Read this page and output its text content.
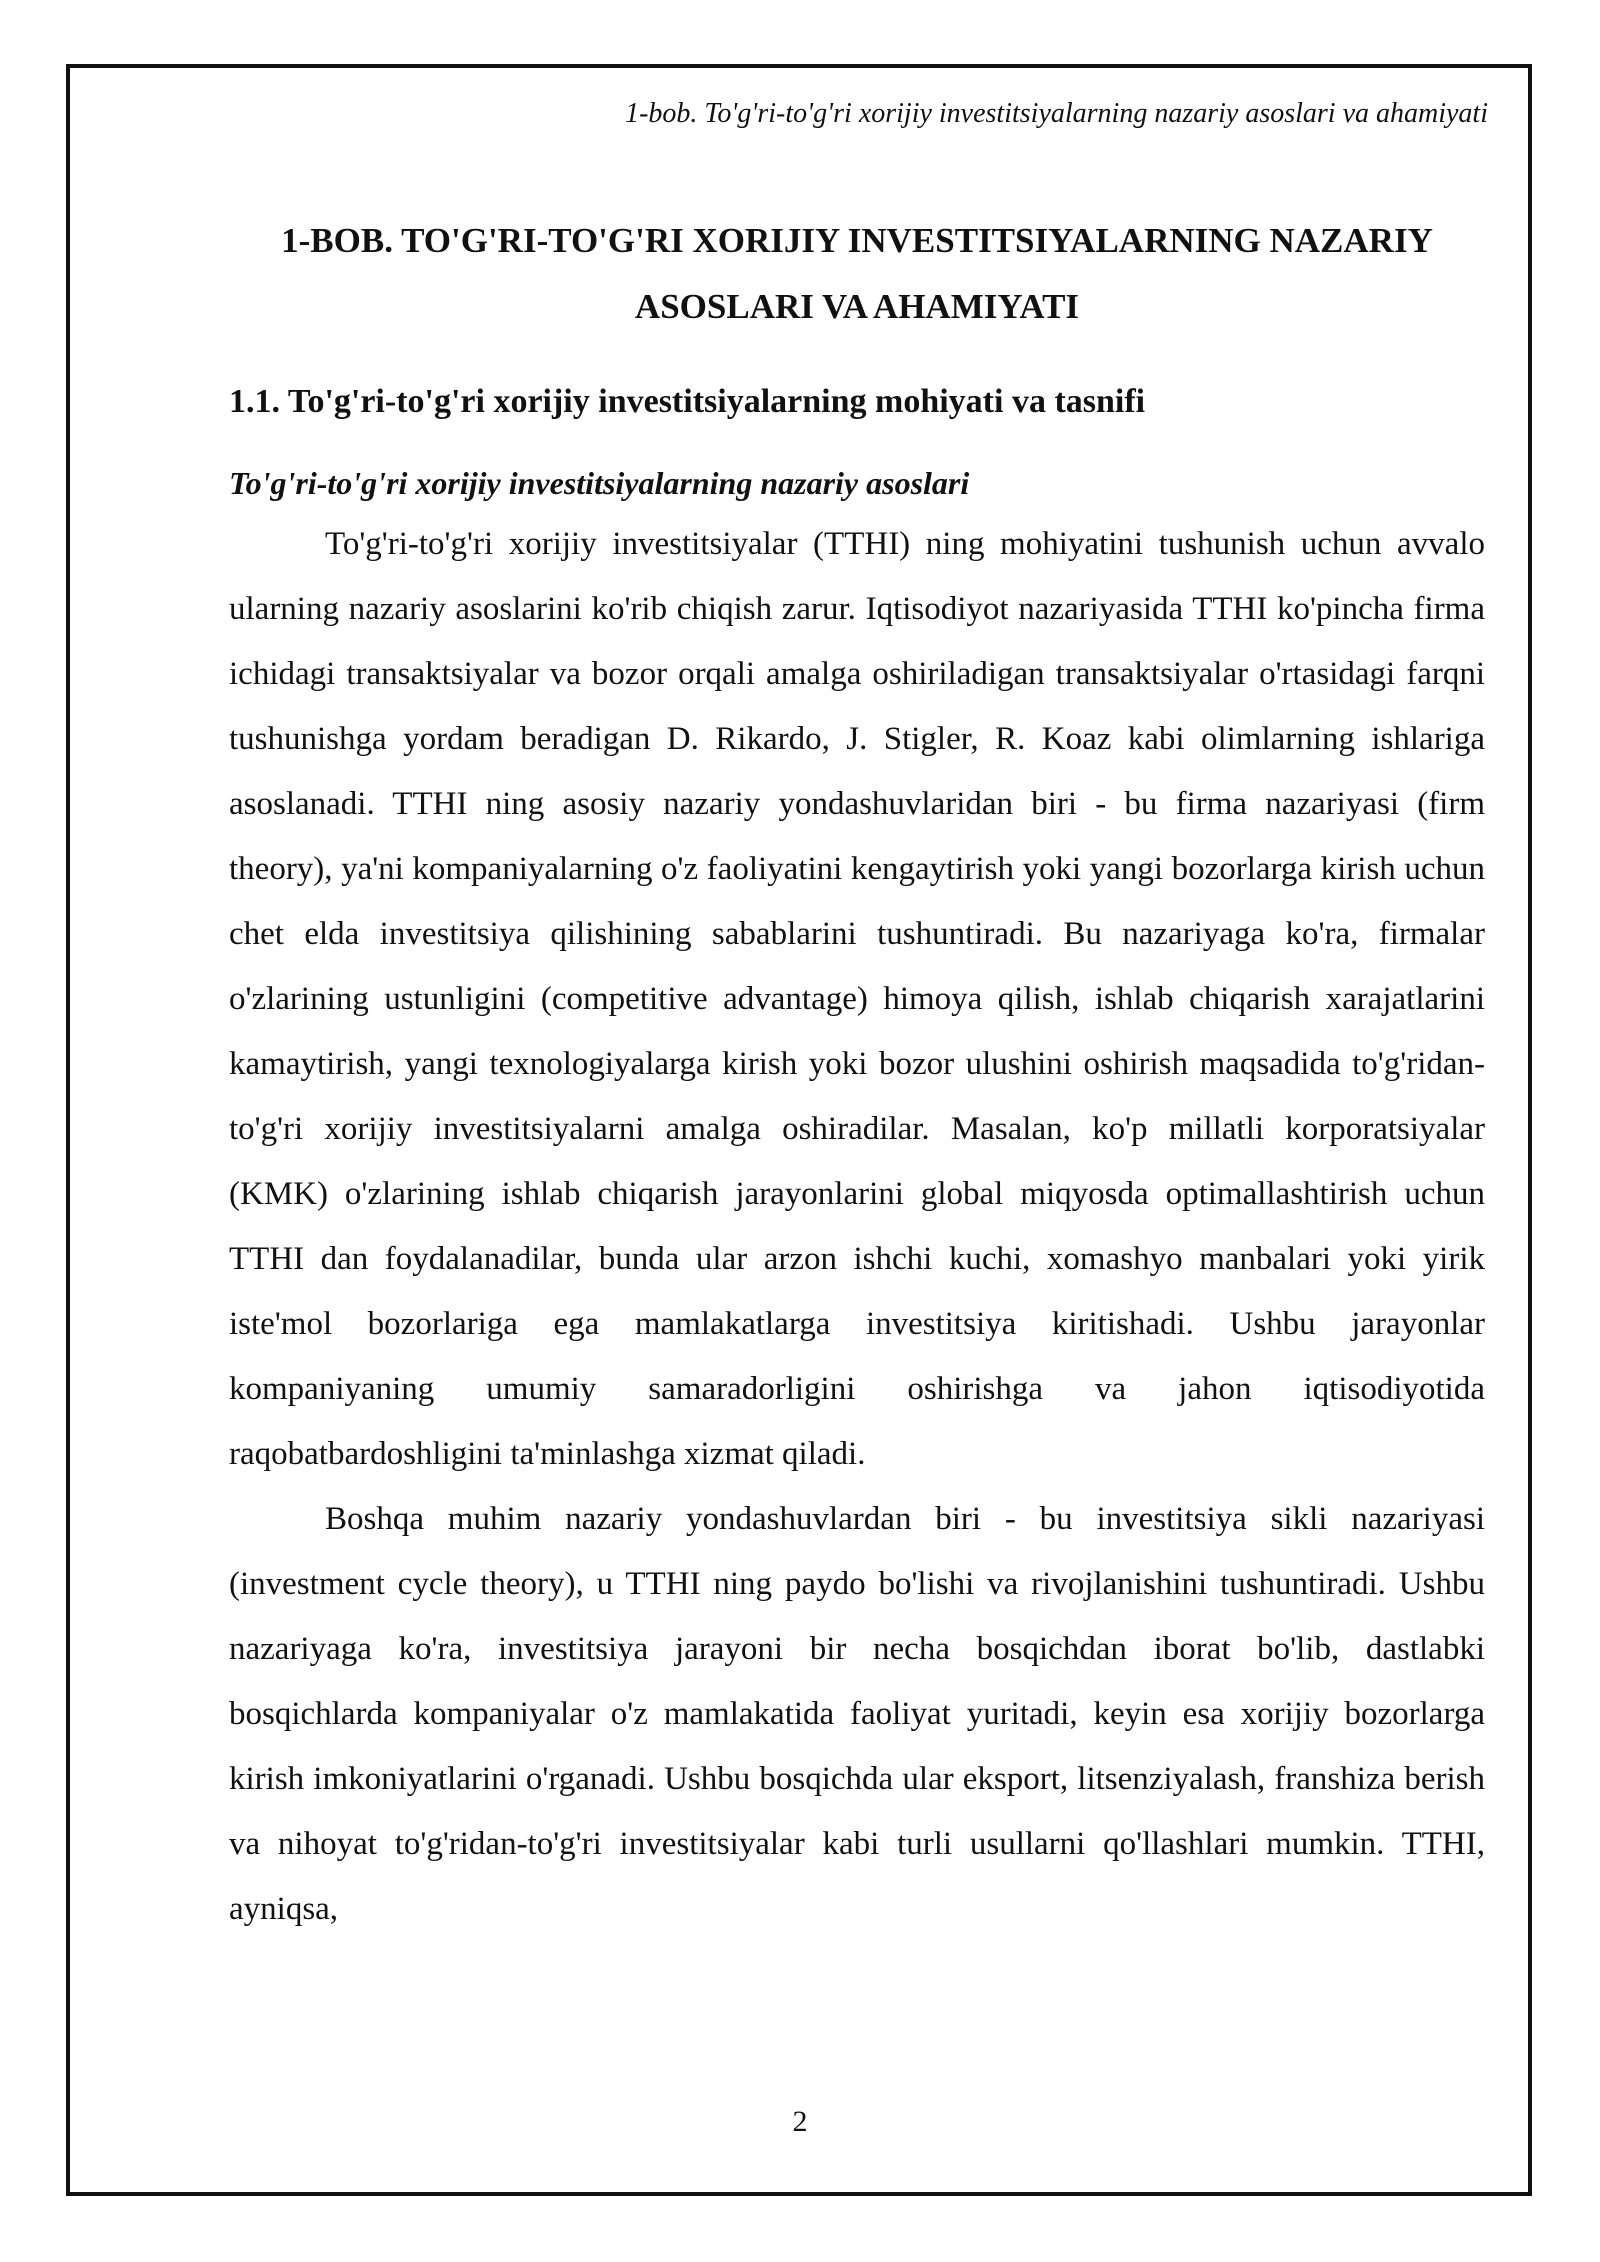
1-bob. To'g'ri-to'g'ri xorijiy investitsiyalarning nazariy asoslari va ahamiyati
1-BOB. TO'G'RI-TO'G'RI XORIJIY INVESTITSIYALARNING NAZARIY ASOSLARI VA AHAMIYATI
1.1. To'g'ri-to'g'ri xorijiy investitsiyalarning mohiyati va tasnifi
To'g'ri-to'g'ri xorijiy investitsiyalarning nazariy asoslari

To'g'ri-to'g'ri xorijiy investitsiyalar (TTHI) ning mohiyatini tushunish uchun avvalo ularning nazariy asoslarini ko'rib chiqish zarur. Iqtisodiyot nazariyasida TTHI ko'pincha firma ichidagi transaktsiyalar va bozor orqali amalga oshiriladigan transaktsiyalar o'rtasidagi farqni tushunishga yordam beradigan D. Rikardo, J. Stigler, R. Koaz kabi olimlarning ishlariga asoslanadi. TTHI ning asosiy nazariy yondashuvlaridan biri - bu firma nazariyasi (firm theory), ya'ni kompaniyalarning o'z faoliyatini kengaytirish yoki yangi bozorlarga kirish uchun chet elda investitsiya qilishining sabablarini tushuntiradi. Bu nazariyaga ko'ra, firmalar o'zlarining ustunligini (competitive advantage) himoya qilish, ishlab chiqarish xarajatlarini kamaytirish, yangi texnologiyalarga kirish yoki bozor ulushini oshirish maqsadida to'g'ridan-to'g'ri xorijiy investitsiyalarni amalga oshiradilar. Masalan, ko'p millatli korporatsiyalar (KMK) o'zlarining ishlab chiqarish jarayonlarini global miqyosda optimallashtirish uchun TTHI dan foydalanadilar, bunda ular arzon ishchi kuchi, xomashyo manbalari yoki yirik iste'mol bozorlariga ega mamlakatlarga investitsiya kiritishadi. Ushbu jarayonlar kompaniyaning umumiy samaradorligini oshirishga va jahon iqtisodiyotida raqobatbardoshligini ta'minlashga xizmat qiladi.

Boshqa muhim nazariy yondashuvlardan biri - bu investitsiya sikli nazariyasi (investment cycle theory), u TTHI ning paydo bo'lishi va rivojlanishini tushuntiradi. Ushbu nazariyaga ko'ra, investitsiya jarayoni bir necha bosqichdan iborat bo'lib, dastlabki bosqichlarda kompaniyalar o'z mamlakatida faoliyat yuritadi, keyin esa xorijiy bozorlarga kirish imkoniyatlarini o'rganadi. Ushbu bosqichda ular eksport, litsenziyalash, franshiza berish va nihoyat to'g'ridan-to'g'ri investitsiyalar kabi turli usullarni qo'llashlari mumkin. TTHI, ayniqsa,

2
